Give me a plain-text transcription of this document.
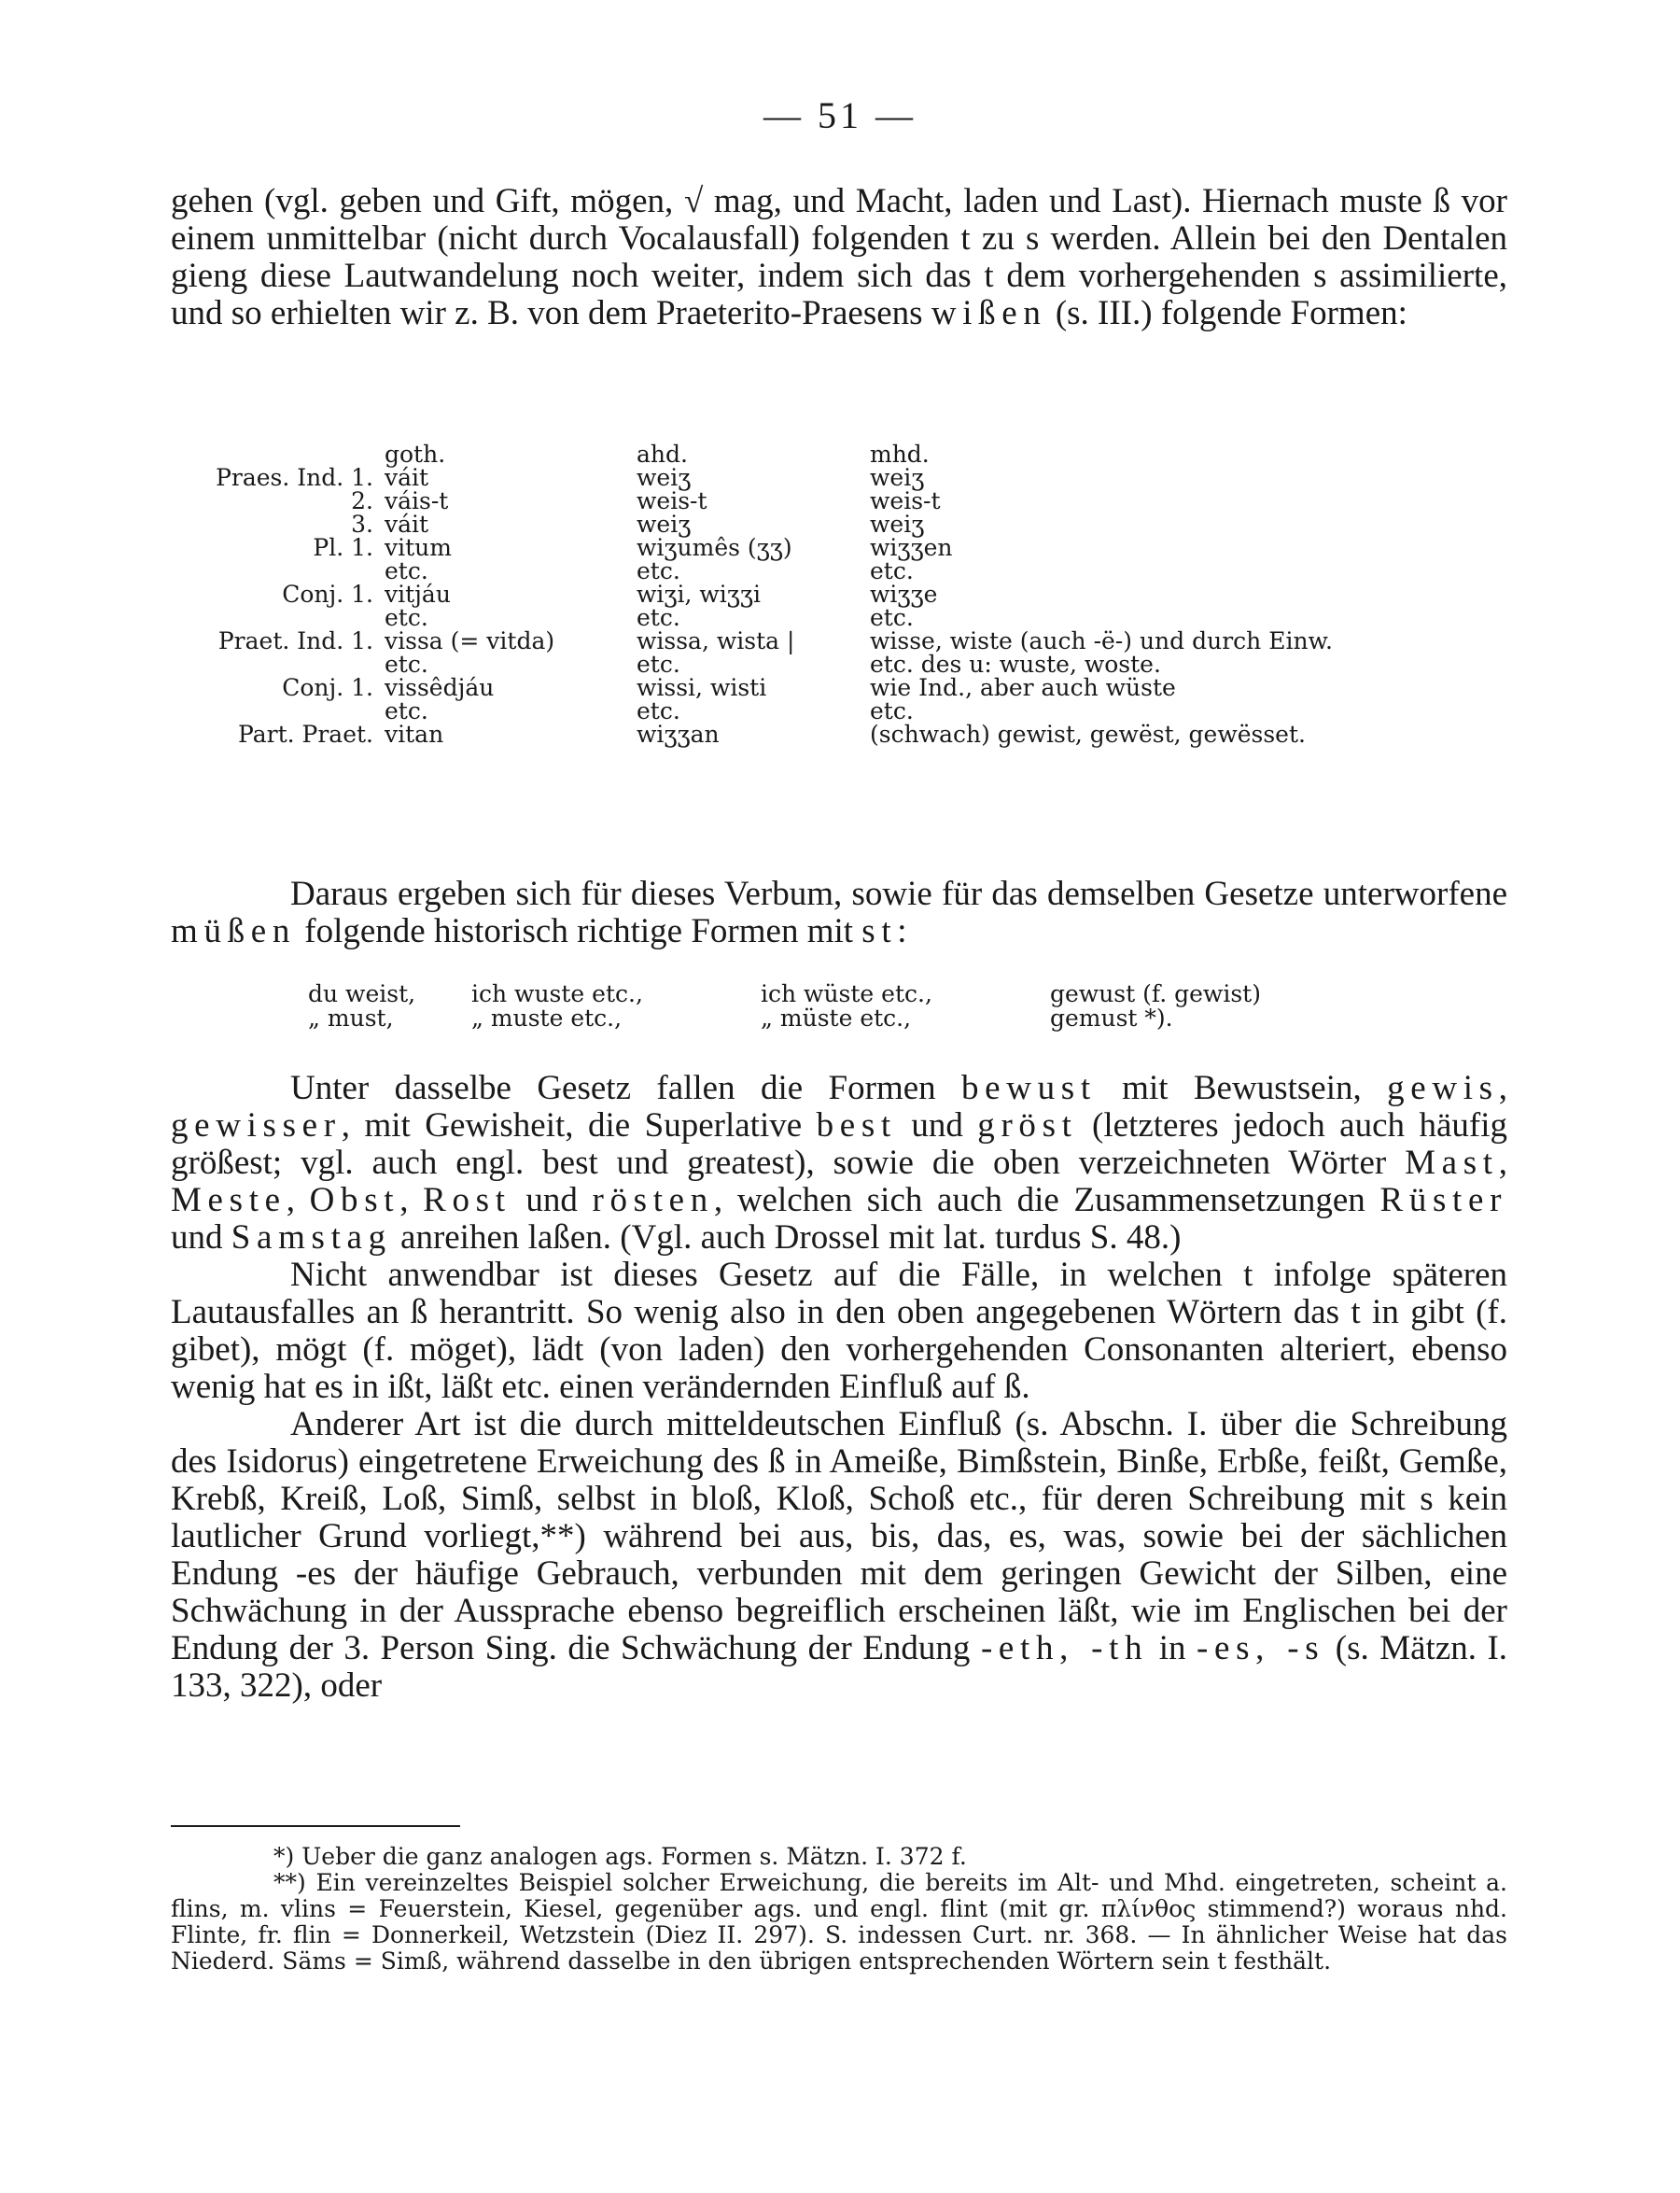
— 51 —

gehen (vgl. geben und Gift, mögen, √ mag, und Macht, laden und Last). Hiernach muste ß vor einem unmittelbar (nicht durch Vocalausfall) folgenden t zu s werden. Allein bei den Dentalen gieng diese Lautwandelung noch weiter, indem sich das t dem vorhergehenden s assimilierte, und so erhielten wir z. B. von dem Praeterito-Praesens wißen (s. III.) folgende Formen:

	goth.	ahd.	mhd.
Praes. Ind. 1.	váit	weiʒ	weiʒ
2.	váis-t	weis-t	weis-t
3.	váit	weiʒ	weiʒ
Pl. 1.	vitum	wiʒumês (ʒʒ)	wiʒʒen
	etc.	etc.	etc.
Conj. 1.	vitjáu	wiʒi, wiʒʒi	wiʒʒe
	etc.	etc.	etc.
Praet. Ind. 1.	vissa (= vitda)	wissa, wista |	wisse, wiste (auch -ë-) und durch Einw.
	etc.	etc.	etc. des u: wuste, woste.
Conj. 1.	vissêdjáu	wissi, wisti	wie Ind., aber auch wüste
	etc.	etc.	etc.
Part. Praet.	vitan	wiʒʒan	(schwach) gewist, gewëst, gewësset.

Daraus ergeben sich für dieses Verbum, sowie für das demselben Gesetze unterworfene müßen folgende historisch richtige Formen mit st:

du weist,	ich wuste etc.,	ich wüste etc.,	gewust (f. gewist)
„ must,	„ muste etc.,	„ müste etc.,	gemust *).

Unter dasselbe Gesetz fallen die Formen bewust mit Bewustsein, gewis, gewisser, mit Gewisheit, die Superlative best und gröst (letzteres jedoch auch häufig größest; vgl. auch engl. best und greatest), sowie die oben verzeichneten Wörter Mast, Meste, Obst, Rost und rösten, welchen sich auch die Zusammensetzungen Rüster und Samstag anreihen laßen. (Vgl. auch Drossel mit lat. turdus S. 48.)

Nicht anwendbar ist dieses Gesetz auf die Fälle, in welchen t infolge späteren Lautausfalles an ß herantritt. So wenig also in den oben angegebenen Wörtern das t in gibt (f. gibet), mögt (f. möget), lädt (von laden) den vorhergehenden Consonanten alteriert, ebenso wenig hat es in ißt, läßt etc. einen verändernden Einfluß auf ß.

Anderer Art ist die durch mitteldeutschen Einfluß (s. Abschn. I. über die Schreibung des Isidorus) eingetretene Erweichung des ß in Ameiße, Bimßstein, Binße, Erbße, feißt, Gemße, Krebß, Kreiß, Loß, Simß, selbst in bloß, Kloß, Schoß etc., für deren Schreibung mit s kein lautlicher Grund vorliegt,**) während bei aus, bis, das, es, was, sowie bei der sächlichen Endung -es der häufige Gebrauch, verbunden mit dem geringen Gewicht der Silben, eine Schwächung in der Aussprache ebenso begreiflich erscheinen läßt, wie im Englischen bei der Endung der 3. Person Sing. die Schwächung der Endung -eth, -th in -es, -s (s. Mätzn. I. 133, 322), oder

*) Ueber die ganz analogen ags. Formen s. Mätzn. I. 372 f.

**) Ein vereinzeltes Beispiel solcher Erweichung, die bereits im Alt- und Mhd. eingetreten, scheint a. flins, m. vlins = Feuerstein, Kiesel, gegenüber ags. und engl. flint (mit gr. πλίνθος stimmend?) woraus nhd. Flinte, fr. flin = Donnerkeil, Wetzstein (Diez II. 297). S. indessen Curt. nr. 368. — In ähnlicher Weise hat das Niederd. Säms = Simß, während dasselbe in den übrigen entsprechenden Wörtern sein t festhält.
